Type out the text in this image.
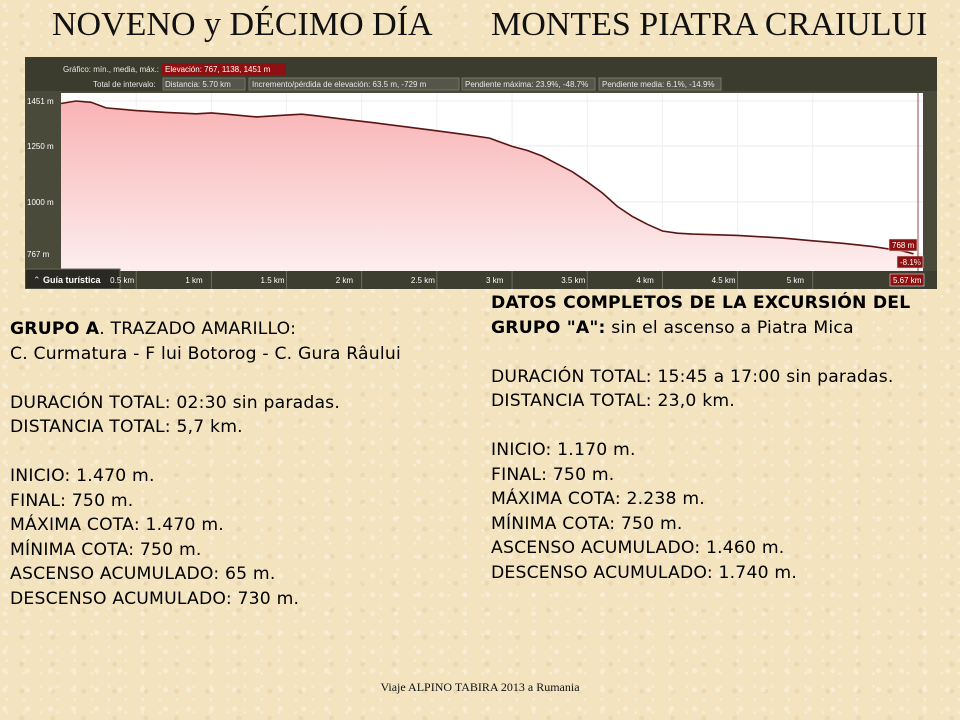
NOVENO y DÉCIMO DÍA MONTES PIATRA CRAIULUI
Gráfico: mín., media, máx.: Elevación: 767, 1138, 1451 m
Total de intervalo: Distancia: 5.70 km	Incremento/pérdida de elevación: 63.5 m, -729 m	Pendiente máxima: 23.9%, -48.7% Pendiente media: 6.1%, -14.9%
1451 m
1250 m
1000 m
767 m
⌃ Guía turística 0.5 km	1 km	1.5 km	2 km	2.5 km	3 km	3.5 km	4 km	4.5 km	5 km
768 m
-8.1%
5.67 km
GRUPO A. TRAZADO AMARILLO:
C. Curmatura - F lui Botorog - C. Gura Râului
DURACIÓN TOTAL: 02:30 sin paradas.
DISTANCIA TOTAL: 5,7 km.
INICIO: 1.470 m.
FINAL: 750 m.
MÁXIMA COTA: 1.470 m.
MÍNIMA COTA: 750 m.
ASCENSO ACUMULADO: 65 m.
DESCENSO ACUMULADO: 730 m.
DATOS COMPLETOS DE LA EXCURSIÓN DEL GRUPO "A": sin el ascenso a Piatra Mica
DURACIÓN TOTAL: 15:45 a 17:00 sin paradas.
DISTANCIA TOTAL: 23,0 km.
INICIO: 1.170 m.
FINAL: 750 m.
MÁXIMA COTA: 2.238 m.
MÍNIMA COTA: 750 m.
ASCENSO ACUMULADO: 1.460 m.
DESCENSO ACUMULADO: 1.740 m.
Viaje ALPINO TABIRA 2013 a Rumania
